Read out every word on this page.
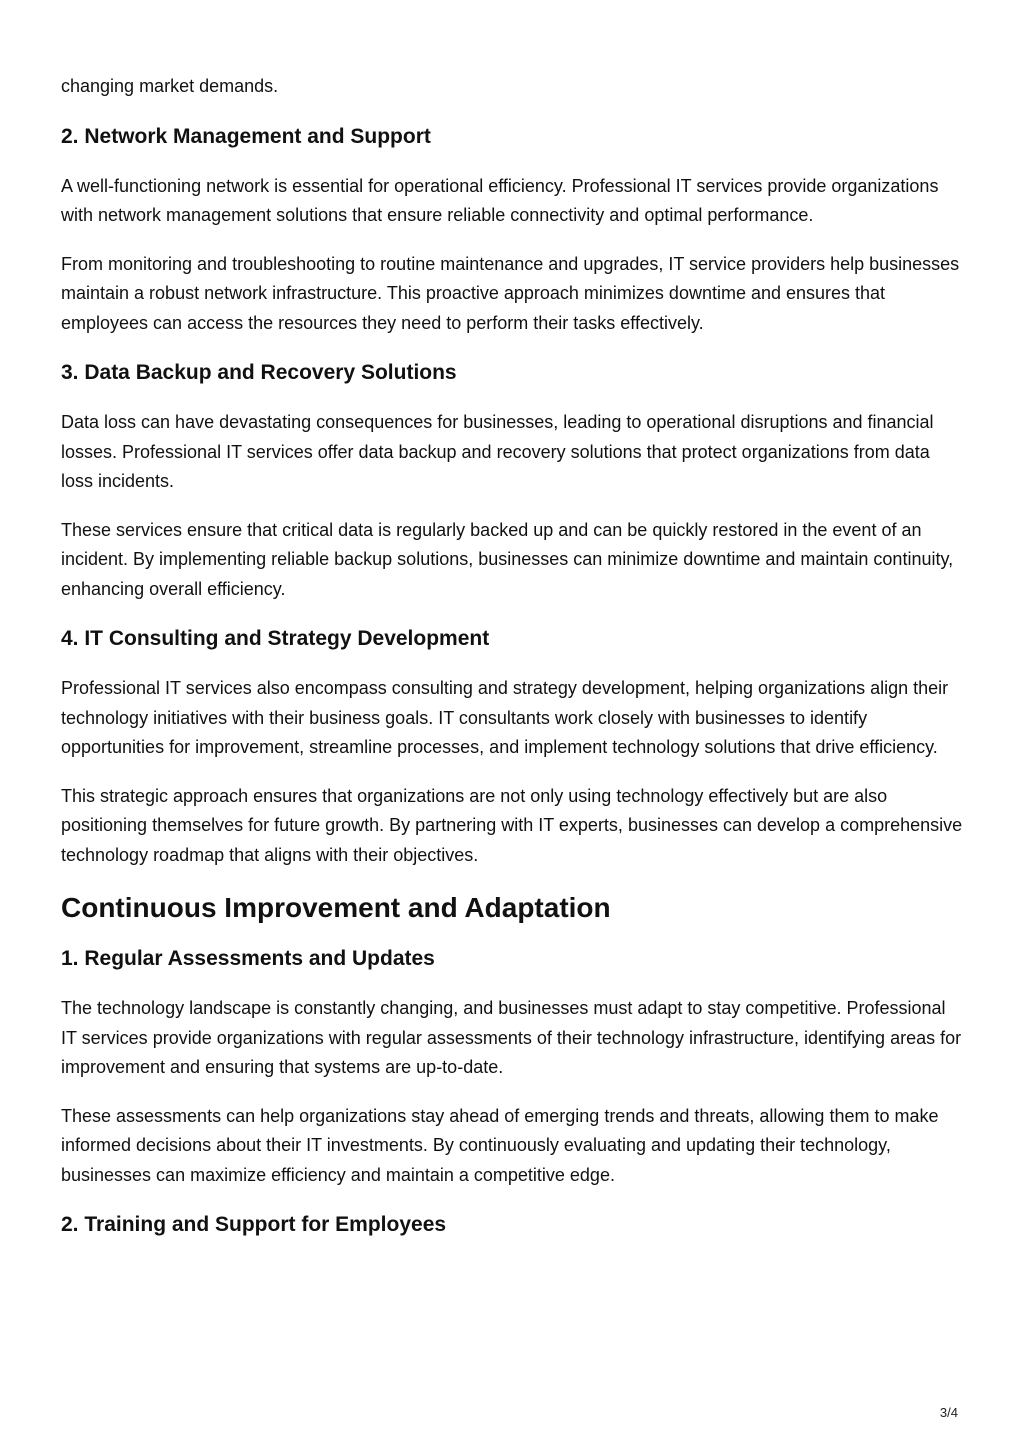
changing market demands.

2. Network Management and Support

A well-functioning network is essential for operational efficiency. Professional IT services provide organizations with network management solutions that ensure reliable connectivity and optimal performance.

From monitoring and troubleshooting to routine maintenance and upgrades, IT service providers help businesses maintain a robust network infrastructure. This proactive approach minimizes downtime and ensures that employees can access the resources they need to perform their tasks effectively.

3. Data Backup and Recovery Solutions

Data loss can have devastating consequences for businesses, leading to operational disruptions and financial losses. Professional IT services offer data backup and recovery solutions that protect organizations from data loss incidents.

These services ensure that critical data is regularly backed up and can be quickly restored in the event of an incident. By implementing reliable backup solutions, businesses can minimize downtime and maintain continuity, enhancing overall efficiency.

4. IT Consulting and Strategy Development

Professional IT services also encompass consulting and strategy development, helping organizations align their technology initiatives with their business goals. IT consultants work closely with businesses to identify opportunities for improvement, streamline processes, and implement technology solutions that drive efficiency.

This strategic approach ensures that organizations are not only using technology effectively but are also positioning themselves for future growth. By partnering with IT experts, businesses can develop a comprehensive technology roadmap that aligns with their objectives.

Continuous Improvement and Adaptation
1. Regular Assessments and Updates

The technology landscape is constantly changing, and businesses must adapt to stay competitive. Professional IT services provide organizations with regular assessments of their technology infrastructure, identifying areas for improvement and ensuring that systems are up-to-date.

These assessments can help organizations stay ahead of emerging trends and threats, allowing them to make informed decisions about their IT investments. By continuously evaluating and updating their technology, businesses can maximize efficiency and maintain a competitive edge.

2. Training and Support for Employees
3/4
